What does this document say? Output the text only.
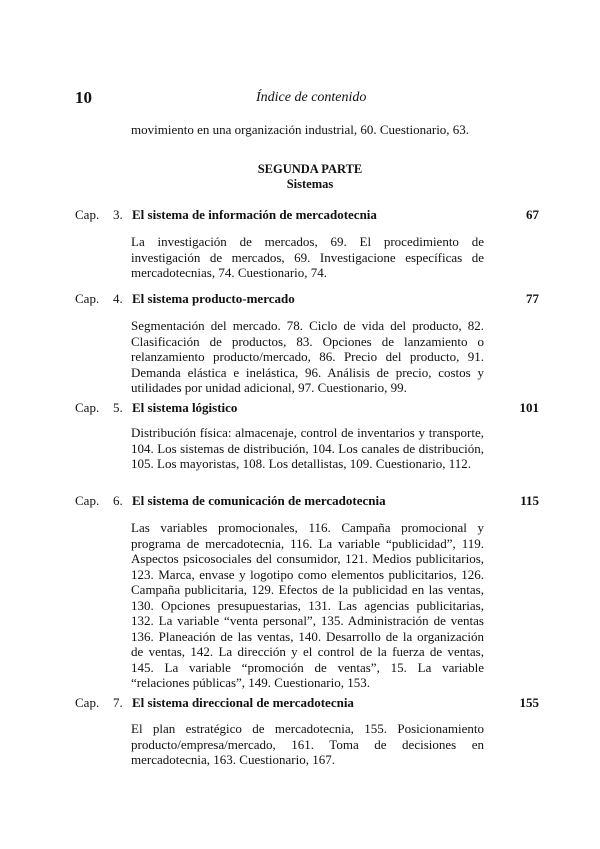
10	Índice de contenido
movimiento en una organización industrial, 60. Cuestionario, 63.
SEGUNDA PARTE
Sistemas
Cap. 3. El sistema de información de mercadotecnia	67
La investigación de mercados, 69. El procedimiento de investigación de mercados, 69. Investigacione específicas de mercadotecnias, 74. Cuestionario, 74.
Cap. 4. El sistema producto-mercado	77
Segmentación del mercado. 78. Ciclo de vida del producto, 82. Clasificación de productos, 83. Opciones de lanzamiento o relanzamiento producto/mercado, 86. Precio del producto, 91. Demanda elástica e inelástica, 96. Análisis de precio, costos y utilidades por unidad adicional, 97. Cuestionario, 99.
Cap. 5. El sistema lógistico	101
Distribución física: almacenaje, control de inventarios y transporte, 104. Los sistemas de distribución, 104. Los canales de distribución, 105. Los mayoristas, 108. Los detallistas, 109. Cuestionario, 112.
Cap. 6. El sistema de comunicación de mercadotecnia	115
Las variables promocionales, 116. Campaña promocional y programa de mercadotecnia, 116. La variable “publicidad”, 119. Aspectos psicosociales del consumidor, 121. Medios publicitarios, 123. Marca, envase y logotipo como elementos publicitarios, 126. Campaña publicitaria, 129. Efectos de la publicidad en las ventas, 130. Opciones presupuestarias, 131. Las agencias publicitarias, 132. La variable “venta personal”, 135. Administración de ventas 136. Planeación de las ventas, 140. Desarrollo de la organización de ventas, 142. La dirección y el control de la fuerza de ventas, 145. La variable “promoción de ventas”, 15. La variable “relaciones públicas”, 149. Cuestionario, 153.
Cap. 7. El sistema direccional de mercadotecnia	155
El plan estratégico de mercadotecnia, 155. Posicionamiento producto/empresa/mercado, 161. Toma de decisiones en mercadotecnia, 163. Cuestionario, 167.
